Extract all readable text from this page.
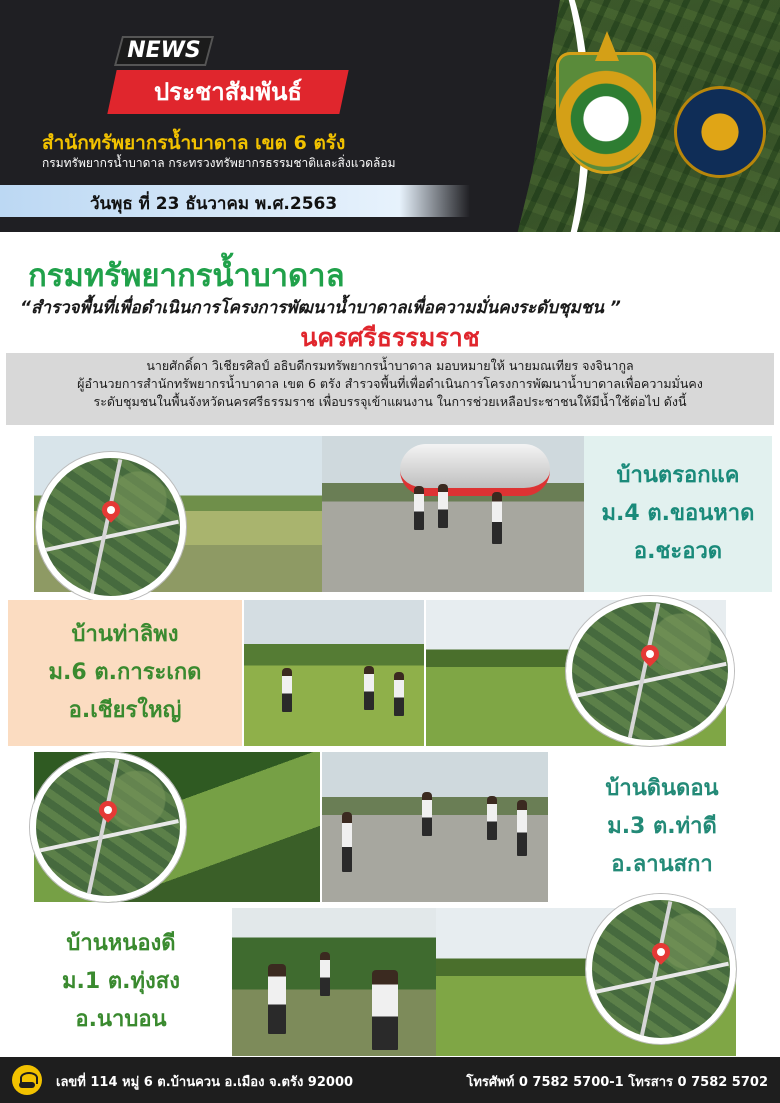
NEWS
ประชาสัมพันธ์
สำนักทรัพยากรน้ำบาดาล เขต 6 ตรัง
กรมทรัพยากรน้ำบาดาล กระทรวงทรัพยากรธรรมชาติและสิ่งแวดล้อม
วันพุธ ที่ 23 ธันวาคม พ.ศ.2563
กรมทรัพยากรน้ำบาดาล
“สำรวจพื้นที่เพื่อดำเนินการโครงการพัฒนาน้ำบาดาลเพื่อความมั่นคงระดับชุมชน ”
นครศรีธรรมราช

นายศักดิ์ดา วิเชียรศิลป์ อธิบดีกรมทรัพยากรน้ำบาดาล มอบหมายให้ นายมณเทียร จงจินากูล
ผู้อำนวยการสำนักทรัพยากรน้ำบาดาล เขต 6 ตรัง สำรวจพื้นที่เพื่อดำเนินการโครงการพัฒนาน้ำบาดาลเพื่อความมั่นคง
ระดับชุมชนในพื้นจังหวัดนครศรีธรรมราช เพื่อบรรจุเข้าแผนงาน ในการช่วยเหลือประชาชนให้มีน้ำใช้ต่อไป ดังนี้

บ้านตรอกแค
ม.4 ต.ขอนหาด
อ.ชะอวด
บ้านท่าลิพง
ม.6 ต.การะเกด
อ.เชียรใหญ่
บ้านดินดอน
ม.3 ต.ท่าดี
อ.ลานสกา
บ้านหนองดี
ม.1 ต.ทุ่งสง
อ.นาบอน
เลขที่ 114 หมู่ 6 ต.บ้านควน อ.เมือง จ.ตรัง 92000	โทรศัพท์ 0 7582 5700-1 โทรสาร 0 7582 5702
